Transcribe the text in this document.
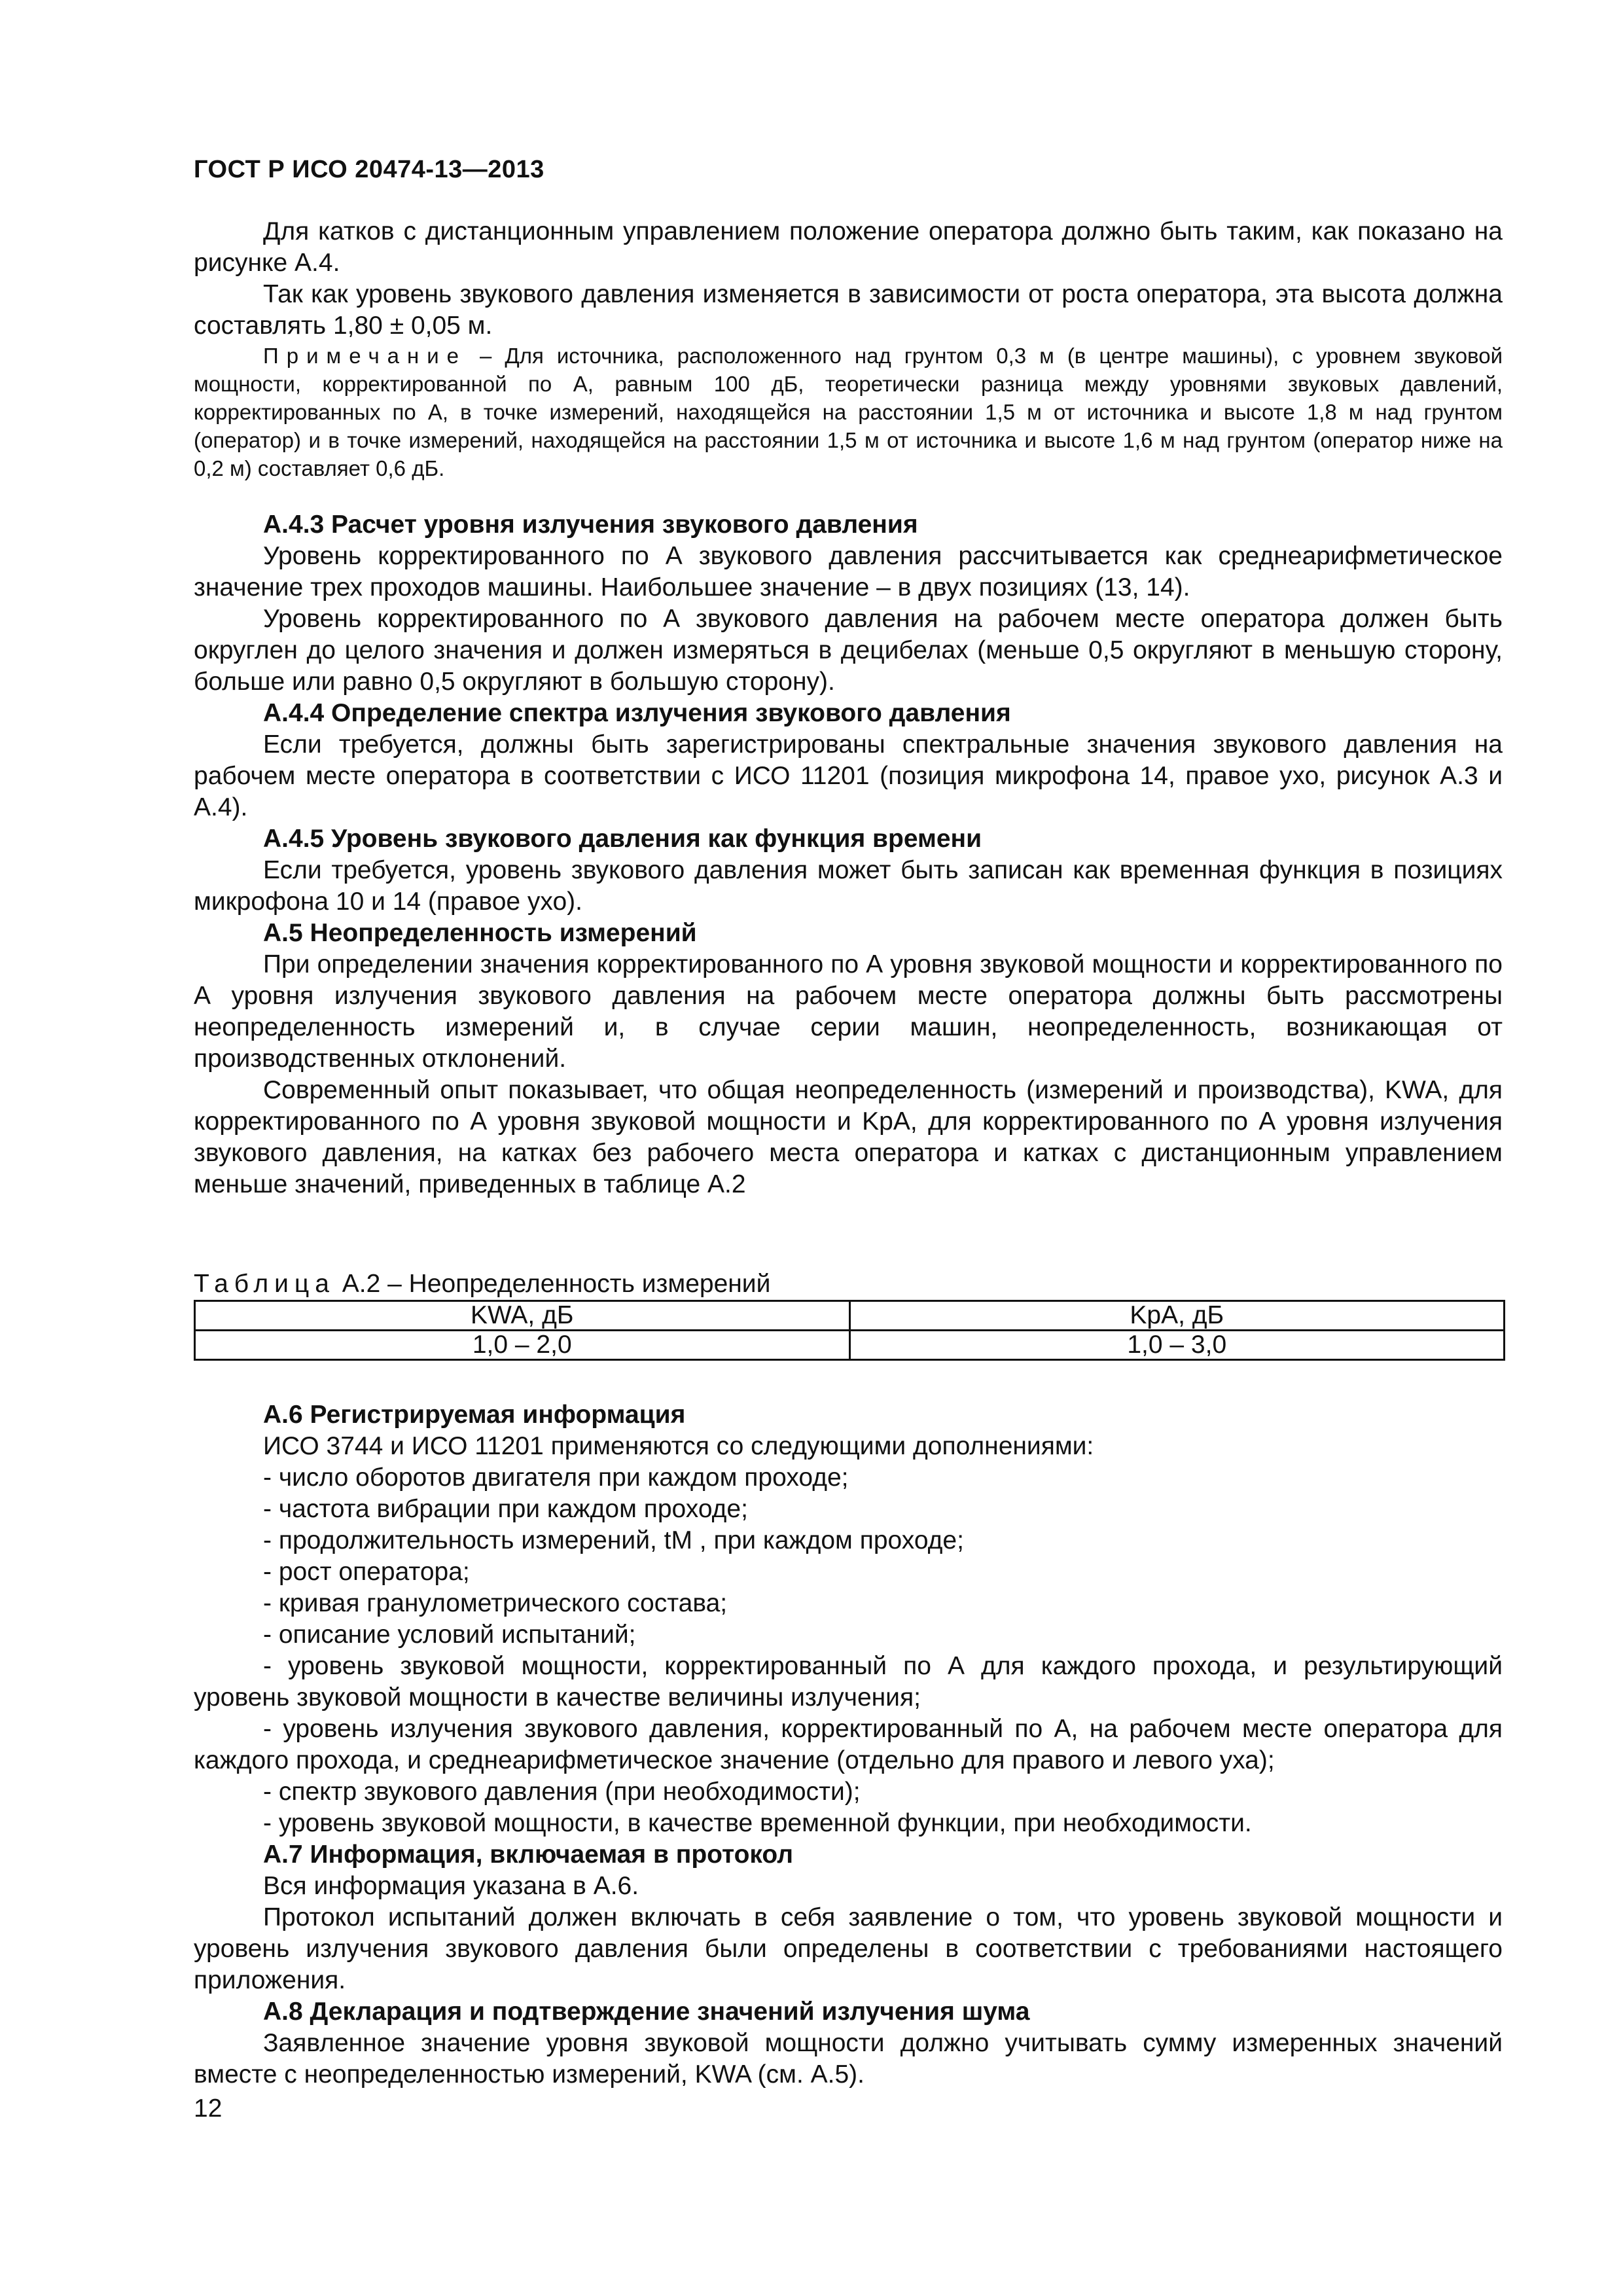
ГОСТ Р ИСО 20474-13—2013

Для катков с дистанционным управлением положение оператора должно быть таким, как показано на рисунке А.4.

Так как уровень звукового давления изменяется в зависимости от роста оператора, эта высота должна составлять 1,80 ± 0,05 м.

Примечание – Для источника, расположенного над грунтом 0,3 м (в центре машины), с уровнем звуковой мощности, корректированной по А, равным 100 дБ, теоретически разница между уровнями звуковых давлений, корректированных по А, в точке измерений, находящейся на расстоянии 1,5 м от источника и высоте 1,8 м над грунтом (оператор) и в точке измерений, находящейся на расстоянии 1,5 м от источника и высоте 1,6 м над грунтом (оператор ниже на 0,2 м) составляет 0,6 дБ.

А.4.3 Расчет уровня излучения звукового давления

Уровень корректированного по А звукового давления рассчитывается как среднеарифметическое значение трех проходов машины. Наибольшее значение – в двух позициях (13, 14).

Уровень корректированного по А звукового давления на рабочем месте оператора должен быть округлен до целого значения и должен измеряться в децибелах (меньше 0,5 округляют в меньшую сторону, больше или равно 0,5 округляют в большую сторону).

А.4.4 Определение спектра излучения звукового давления

Если требуется, должны быть зарегистрированы спектральные значения звукового давления на рабочем месте оператора в соответствии с ИСО 11201 (позиция микрофона 14, правое ухо, рисунок А.3 и А.4).

А.4.5 Уровень звукового давления как функция времени

Если требуется, уровень звукового давления может быть записан как временная функция в позициях микрофона 10 и 14 (правое ухо).

А.5 Неопределенность измерений

При определении значения корректированного по А уровня звуковой мощности и корректированного по А уровня излучения звукового давления на рабочем месте оператора должны быть рассмотрены неопределенность измерений и, в случае серии машин, неопределенность, возникающая от производственных отклонений.

Современный опыт показывает, что общая неопределенность (измерений и производства), KWA, для корректированного по А уровня звуковой мощности и KpA, для корректированного по А уровня излучения звукового давления, на катках без рабочего места оператора и катках с дистанционным управлением меньше значений, приведенных в таблице А.2

Таблица А.2 – Неопределенность измерений

KWA, дБ	KpA, дБ
1,0 – 2,0	1,0 – 3,0

А.6 Регистрируемая информация

ИСО 3744 и ИСО 11201 применяются со следующими дополнениями:

- число оборотов двигателя при каждом проходе;

- частота вибрации при каждом проходе;

- продолжительность измерений, tM , при каждом проходе;

- рост оператора;

- кривая гранулометрического состава;

- описание условий испытаний;

- уровень звуковой мощности, корректированный по А для каждого прохода, и результирующий уровень звуковой мощности в качестве величины излучения;

- уровень излучения звукового давления, корректированный по А, на рабочем месте оператора для каждого прохода, и среднеарифметическое значение (отдельно для правого и левого уха);

- спектр звукового давления (при необходимости);

- уровень звуковой мощности, в качестве временной функции, при необходимости.

А.7 Информация, включаемая в протокол

Вся информация указана в А.6.

Протокол испытаний должен включать в себя заявление о том, что уровень звуковой мощности и уровень излучения звукового давления были определены в соответствии с требованиями настоящего приложения.

А.8 Декларация и подтверждение значений излучения шума

Заявленное значение уровня звуковой мощности должно учитывать сумму измеренных значений вместе с неопределенностью измерений, KWA (см. А.5).

12
